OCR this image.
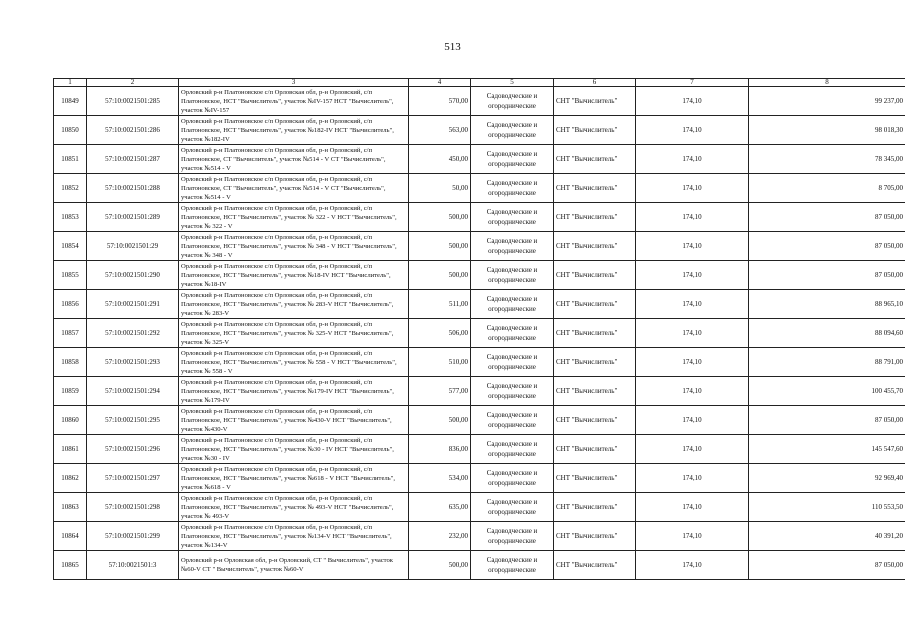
513
1	2	3	4	5	6	7	8
10849	57:10:0021501:285	Орловский р-н Платоновское с/п Орловская обл, р-н Орловский, с/п Платоновское, НСТ "Вычислитель", участок №IV-157 НСТ "Вычислитель", участок №IV-157	570,00	Садоводческие и огороднические	СНТ "Вычислитель"	174,10	99 237,00
10850	57:10:0021501:286	Орловский р-н Платоновское с/п Орловская обл, р-н Орловский, с/п Платоновское, НСТ "Вычислитель", участок №182-IV НСТ "Вычислитель", участок №182-IV	563,00	Садоводческие и огороднические	СНТ "Вычислитель"	174,10	98 018,30
10851	57:10:0021501:287	Орловский р-н Платоновское с/п Орловская обл, р-н Орловский, с/п Платоновское, СТ "Вычислитель", участок №514 - V СТ "Вычислитель", участок №514 - V	450,00	Садоводческие и огороднические	СНТ "Вычислитель"	174,10	78 345,00
10852	57:10:0021501:288	Орловский р-н Платоновское с/п Орловская обл, р-н Орловский, с/п Платоновское, СТ "Вычислитель", участок №514 - V СТ "Вычислитель", участок №514 - V	50,00	Садоводческие и огороднические	СНТ "Вычислитель"	174,10	8 705,00
10853	57:10:0021501:289	Орловский р-н Платоновское с/п Орловская обл, р-н Орловский, с/п Платоновское, НСТ "Вычислитель", участок № 322 - V НСТ "Вычислитель", участок № 322 - V	500,00	Садоводческие и огороднические	СНТ "Вычислитель"	174,10	87 050,00
10854	57:10:0021501:29	Орловский р-н Платоновское с/п Орловская обл, р-н Орловский, с/п Платоновское, НСТ "Вычислитель", участок № 348 - V НСТ "Вычислитель", участок № 348 - V	500,00	Садоводческие и огороднические	СНТ "Вычислитель"	174,10	87 050,00
10855	57:10:0021501:290	Орловский р-н Платоновское с/п Орловская обл, р-н Орловский, с/п Платоновское, НСТ "Вычислитель", участок №18-IV НСТ "Вычислитель", участок №18-IV	500,00	Садоводческие и огороднические	СНТ "Вычислитель"	174,10	87 050,00
10856	57:10:0021501:291	Орловский р-н Платоновское с/п Орловская обл, р-н Орловский, с/п Платоновское, НСТ "Вычислитель", участок № 283-V НСТ "Вычислитель", участок № 283-V	511,00	Садоводческие и огороднические	СНТ "Вычислитель"	174,10	88 965,10
10857	57:10:0021501:292	Орловский р-н Платоновское с/п Орловская обл, р-н Орловский, с/п Платоновское, НСТ "Вычислитель", участок № 325-V НСТ "Вычислитель", участок № 325-V	506,00	Садоводческие и огороднические	СНТ "Вычислитель"	174,10	88 094,60
10858	57:10:0021501:293	Орловский р-н Платоновское с/п Орловская обл, р-н Орловский, с/п Платоновское, НСТ "Вычислитель", участок № 558 - V НСТ "Вычислитель", участок № 558 - V	510,00	Садоводческие и огороднические	СНТ "Вычислитель"	174,10	88 791,00
10859	57:10:0021501:294	Орловский р-н Платоновское с/п Орловская обл, р-н Орловский, с/п Платоновское, НСТ "Вычислитель", участок №179-IV НСТ "Вычислитель", участок №179-IV	577,00	Садоводческие и огороднические	СНТ "Вычислитель"	174,10	100 455,70
10860	57:10:0021501:295	Орловский р-н Платоновское с/п Орловская обл, р-н Орловский, с/п Платоновское, НСТ "Вычислитель", участок №430-V НСТ "Вычислитель", участок №430-V	500,00	Садоводческие и огороднические	СНТ "Вычислитель"	174,10	87 050,00
10861	57:10:0021501:296	Орловский р-н Платоновское с/п Орловская обл, р-н Орловский, с/п Платоновское, НСТ "Вычислитель", участок №30 - IV НСТ "Вычислитель", участок №30 - IV	836,00	Садоводческие и огороднические	СНТ "Вычислитель"	174,10	145 547,60
10862	57:10:0021501:297	Орловский р-н Платоновское с/п Орловская обл, р-н Орловский, с/п Платоновское, НСТ "Вычислитель", участок №618 - V НСТ "Вычислитель", участок №618 - V	534,00	Садоводческие и огороднические	СНТ "Вычислитель"	174,10	92 969,40
10863	57:10:0021501:298	Орловский р-н Платоновское с/п Орловская обл, р-н Орловский, с/п Платоновское, НСТ "Вычислитель", участок № 493-V НСТ "Вычислитель", участок № 493-V	635,00	Садоводческие и огороднические	СНТ "Вычислитель"	174,10	110 553,50
10864	57:10:0021501:299	Орловский р-н Платоновское с/п Орловская обл, р-н Орловский, с/п Платоновское, НСТ "Вычислитель", участок №134-V НСТ "Вычислитель", участок №134-V	232,00	Садоводческие и огороднические	СНТ "Вычислитель"	174,10	40 391,20
10865	57:10:0021501:3	Орловский р-н Орловская обл, р-н Орловский, СТ " Вычислитель", участок №60-V СТ " Вычислитель", участок №60-V	500,00	Садоводческие и огороднические	СНТ "Вычислитель"	174,10	87 050,00
